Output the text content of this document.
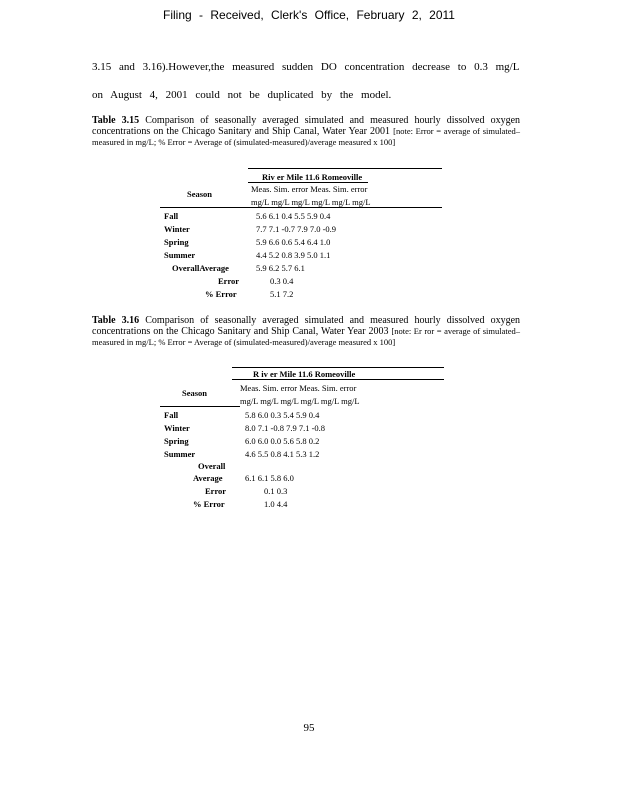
Filing - Received, Clerk's Office, February 2, 2011
3.15 and 3.16).However,the measured sudden DO concentration decrease to 0.3 mg/L
on August 4, 2001 could not be duplicated by the model.
Table 3.15 Comparison of seasonally averaged simulated and measured hourly dissolved oxygen concentrations on the Chicago Sanitary and Ship Canal, Water Year 2001 [note: Error = average of simulated–measured in mg/L; % Error = Average of (simulated-measured)/average measured x 100]
Riv er Mile 11.6 Romeoville
Season	Meas. Sim. error Meas. Sim. error
mg/L mg/L mg/L mg/L mg/L mg/L
Fall	5.6 6.1 0.4 5.5 5.9 0.4
Winter	7.7 7.1 -0.7 7.9 7.0 -0.9
Spring	5.9 6.6 0.6 5.4 6.4 1.0
Summer	4.4 5.2 0.8 3.9 5.0 1.1
OverallAverage	5.9 6.2 5.7 6.1
Error	0.3 0.4
% Error	5.1 7.2
Table 3.16 Comparison of seasonally averaged simulated and measured hourly dissolved oxygen concentrations on the Chicago Sanitary and Ship Canal, Water Year 2003 [note: Er ror = average of simulated–measured in mg/L; % Error = Average of (simulated-measured)/average measured x 100]
R iv er Mile 11.6 Romeoville
Season	Meas. Sim. error Meas. Sim. error
mg/L mg/L mg/L mg/L mg/L mg/L
Fall	5.8 6.0 0.3 5.4 5.9 0.4
Winter	8.0 7.1 -0.8 7.9 7.1 -0.8
Spring	6.0 6.0 0.0 5.6 5.8 0.2
Summer	4.6 5.5 0.8 4.1 5.3 1.2
Overall
Average	6.1 6.1 5.8 6.0
Error	0.1 0.3
% Error	1.0 4.4
95
